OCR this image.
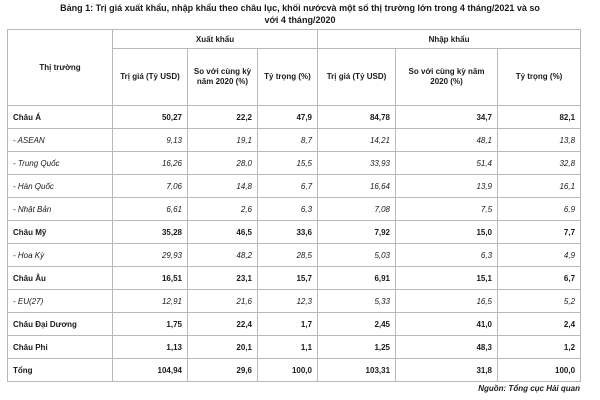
Bảng 1: Trị giá xuất khẩu, nhập khẩu theo châu lục, khối nướcvà một số thị trường lớn trong 4 tháng/2021 và so
với 4 tháng/2020
Thị trường	Xuất khẩu			Nhập khẩu		
	Trị giá (Tỷ USD)	So với cùng kỳ năm 2020 (%)	Tỷ trọng (%)	Trị giá (Tỷ USD)	So với cùng kỳ năm 2020 (%)	Tỷ trọng (%)
Châu Á	50,27	22,2	47,9	84,78	34,7	82,1
- ASEAN	9,13	19,1	8,7	14,21	48,1	13,8
- Trung Quốc	16,26	28,0	15,5	33,93	51,4	32,8
- Hàn Quốc	7,06	14,8	6,7	16,64	13,9	16,1
- Nhật Bản	6,61	2,6	6,3	7,08	7,5	6,9
Châu Mỹ	35,28	46,5	33,6	7,92	15,0	7,7
- Hoa Kỳ	29,93	48,2	28,5	5,03	6,3	4,9
Châu Âu	16,51	23,1	15,7	6,91	15,1	6,7
- EU(27)	12,91	21,6	12,3	5,33	16,5	5,2
Châu Đại Dương	1,75	22,4	1,7	2,45	41,0	2,4
Châu Phi	1,13	20,1	1,1	1,25	48,3	1,2
Tổng	104,94	29,6	100,0	103,31	31,8	100,0
Nguồn: Tổng cục Hải quan
